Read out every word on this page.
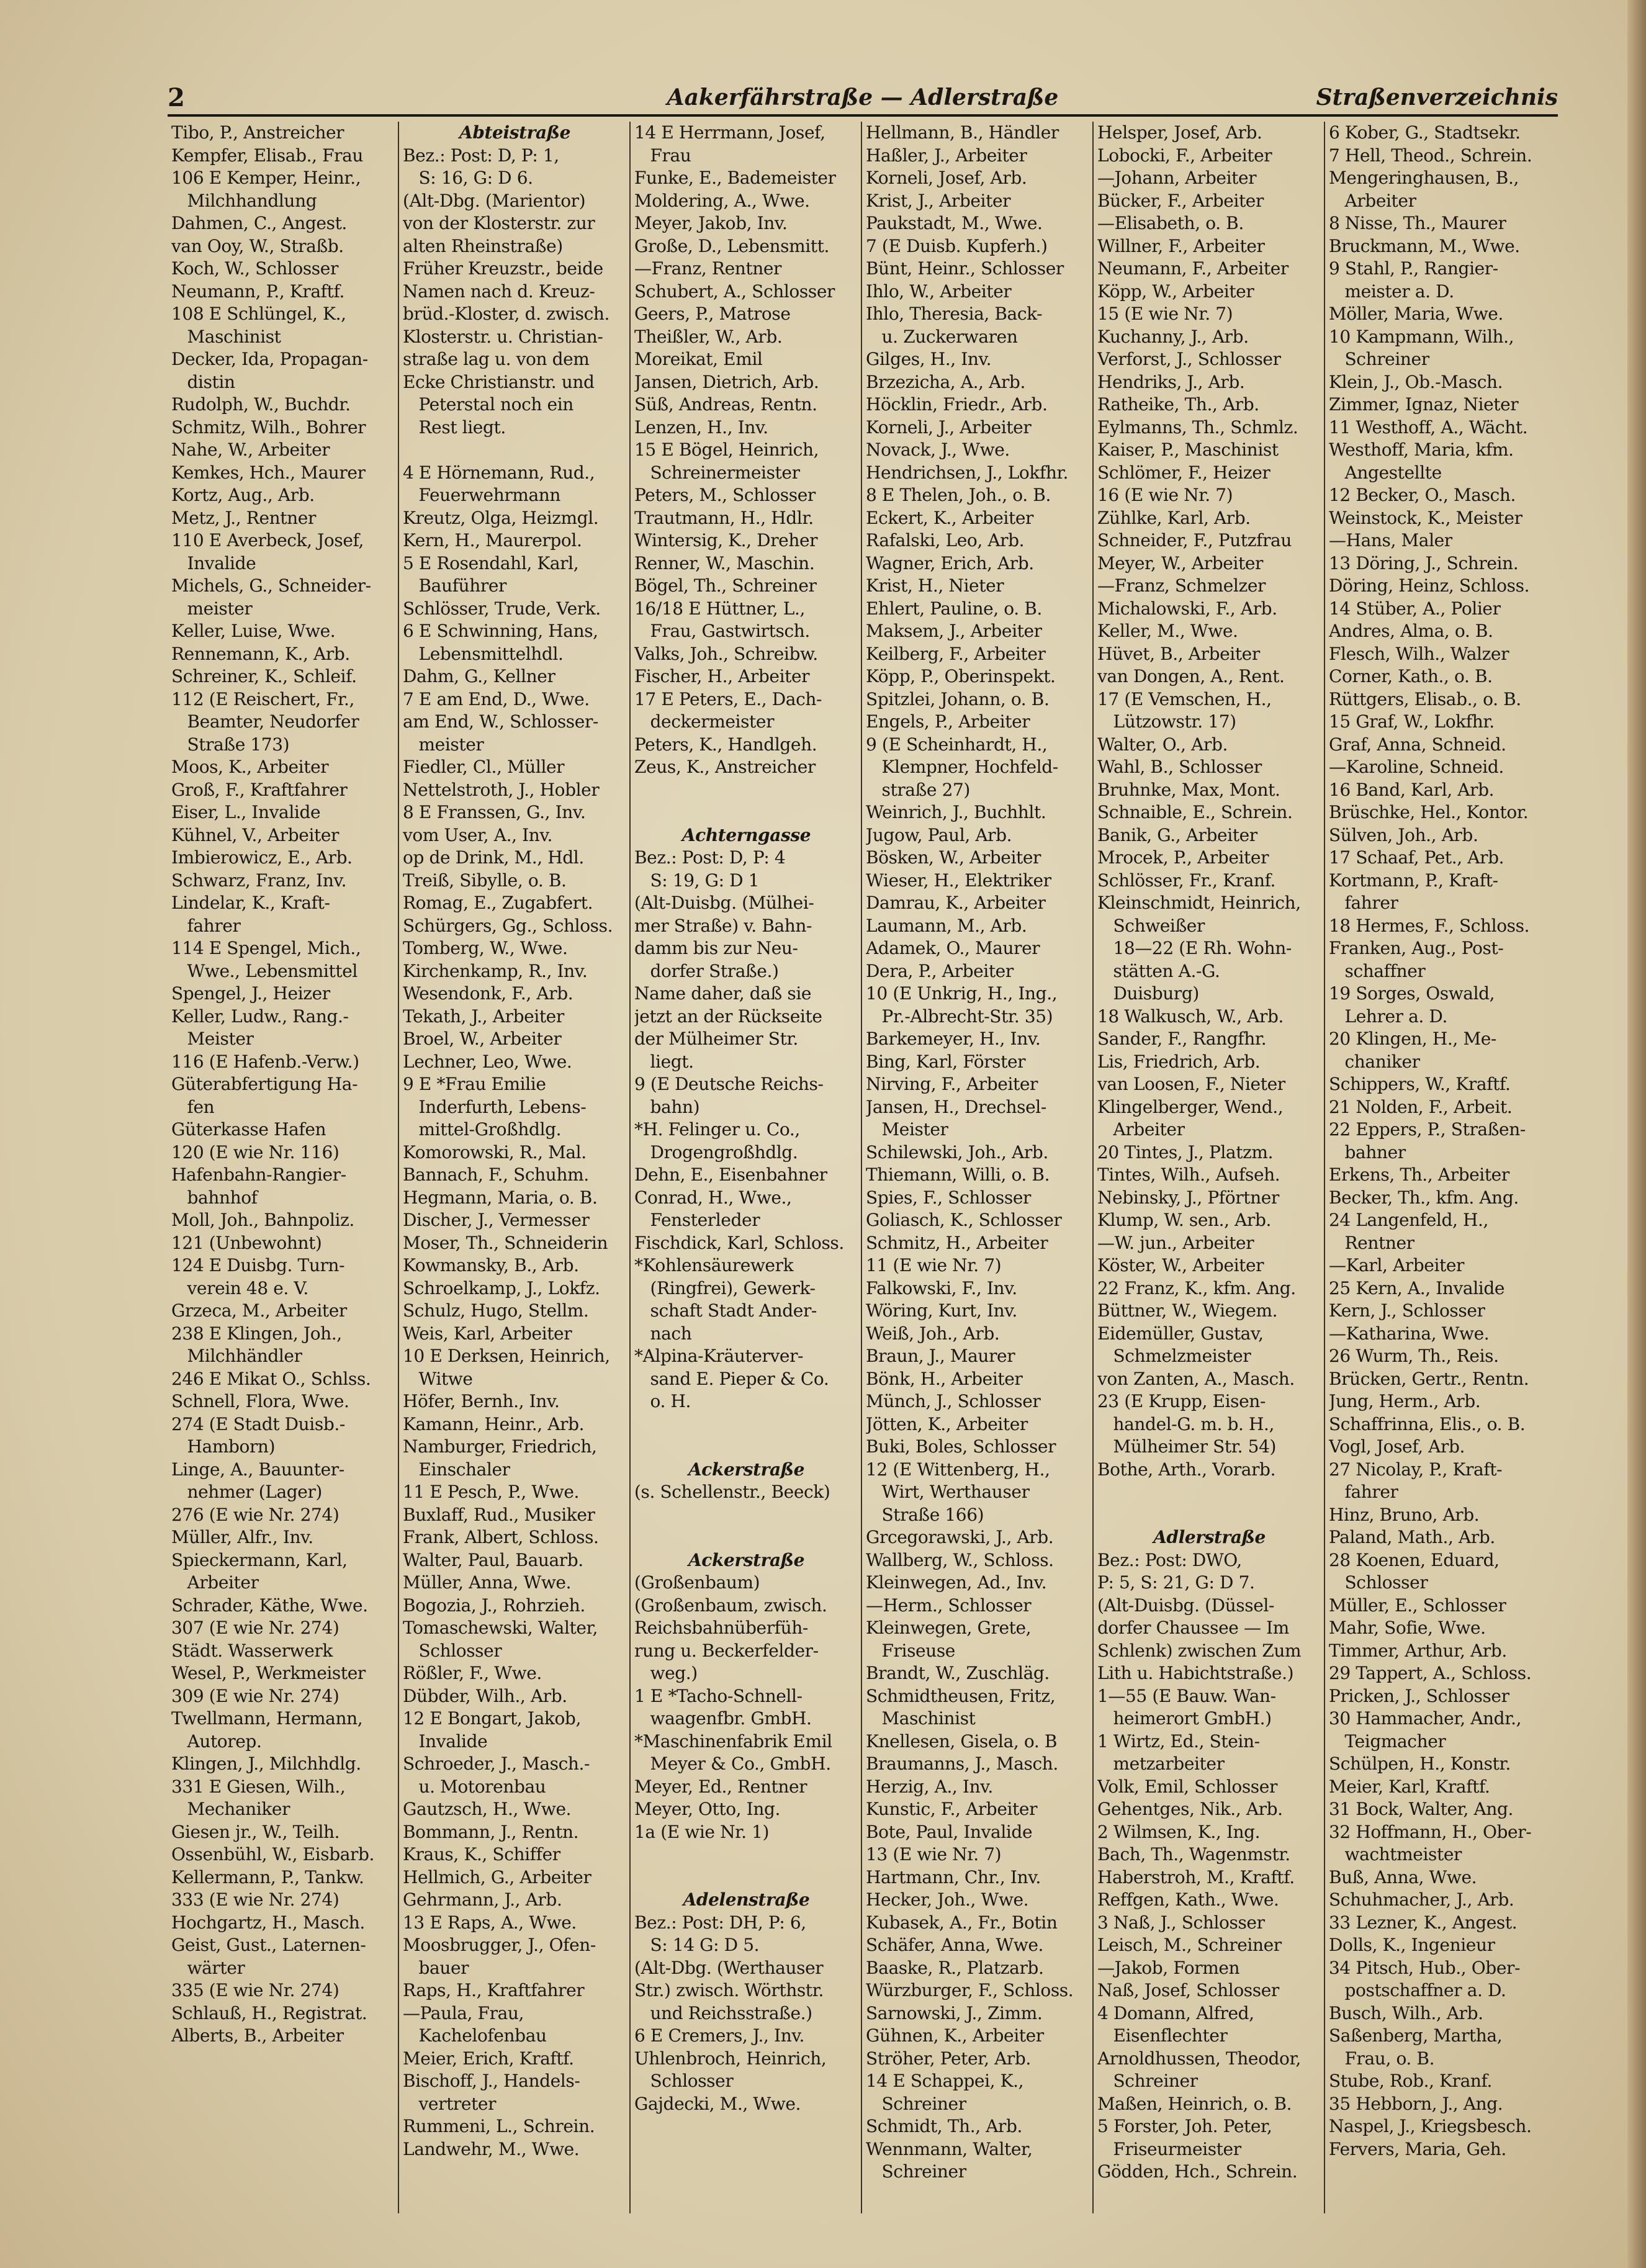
2	Aakerfährstraße — Adlerstraße	Straßenverzeichnis
Tibo, P., Anstreicher
Kempfer, Elisab., Frau
106 E Kemper, Heinr.,
Milchhandlung
Dahmen, C., Angest.
van Ooy, W., Straßb.
Koch, W., Schlosser
Neumann, P., Kraftf.
108 E Schlüngel, K.,
Maschinist
Decker, Ida, Propagan-
distin
Rudolph, W., Buchdr.
Schmitz, Wilh., Bohrer
Nahe, W., Arbeiter
Kemkes, Hch., Maurer
Kortz, Aug., Arb.
Metz, J., Rentner
110 E Averbeck, Josef,
Invalide
Michels, G., Schneider-
meister
Keller, Luise, Wwe.
Rennemann, K., Arb.
Schreiner, K., Schleif.
112 (E Reischert, Fr.,
Beamter, Neudorfer
Straße 173)
Moos, K., Arbeiter
Groß, F., Kraftfahrer
Eiser, L., Invalide
Kühnel, V., Arbeiter
Imbierowicz, E., Arb.
Schwarz, Franz, Inv.
Lindelar, K., Kraft-
fahrer
114 E Spengel, Mich.,
Wwe., Lebensmittel
Spengel, J., Heizer
Keller, Ludw., Rang.-
Meister
116 (E Hafenb.-Verw.)
Güterabfertigung Ha-
fen
Güterkasse Hafen
120 (E wie Nr. 116)
Hafenbahn-Rangier-
bahnhof
Moll, Joh., Bahnpoliz.
121 (Unbewohnt)
124 E Duisbg. Turn-
verein 48 e. V.
Grzeca, M., Arbeiter
238 E Klingen, Joh.,
Milchhändler
246 E Mikat O., Schlss.
Schnell, Flora, Wwe.
274 (E Stadt Duisb.-
Hamborn)
Linge, A., Bauunter-
nehmer (Lager)
276 (E wie Nr. 274)
Müller, Alfr., Inv.
Spieckermann, Karl,
Arbeiter
Schrader, Käthe, Wwe.
307 (E wie Nr. 274)
Städt. Wasserwerk
Wesel, P., Werkmeister
309 (E wie Nr. 274)
Twellmann, Hermann,
Autorep.
Klingen, J., Milchhdlg.
331 E Giesen, Wilh.,
Mechaniker
Giesen jr., W., Teilh.
Ossenbühl, W., Eisbarb.
Kellermann, P., Tankw.
333 (E wie Nr. 274)
Hochgartz, H., Masch.
Geist, Gust., Laternen-
wärter
335 (E wie Nr. 274)
Schlauß, H., Registrat.
Alberts, B., Arbeiter
Abteistraße
Bez.: Post: D, P: 1,
S: 16, G: D 6.
(Alt-Dbg. (Marientor)
von der Klosterstr. zur
alten Rheinstraße)
Früher Kreuzstr., beide
Namen nach d. Kreuz-
brüd.-Kloster, d. zwisch.
Klosterstr. u. Christian-
straße lag u. von dem
Ecke Christianstr. und
Peterstal noch ein
Rest liegt.
4 E Hörnemann, Rud.,
Feuerwehrmann
Kreutz, Olga, Heizmgl.
Kern, H., Maurerpol.
5 E Rosendahl, Karl,
Bauführer
Schlösser, Trude, Verk.
6 E Schwinning, Hans,
Lebensmittelhdl.
Dahm, G., Kellner
7 E am End, D., Wwe.
am End, W., Schlosser-
meister
Fiedler, Cl., Müller
Nettelstroth, J., Hobler
8 E Franssen, G., Inv.
vom User, A., Inv.
op de Drink, M., Hdl.
Treiß, Sibylle, o. B.
Romag, E., Zugabfert.
Schürgers, Gg., Schloss.
Tomberg, W., Wwe.
Kirchenkamp, R., Inv.
Wesendonk, F., Arb.
Tekath, J., Arbeiter
Broel, W., Arbeiter
Lechner, Leo, Wwe.
9 E *Frau Emilie
Inderfurth, Lebens-
mittel-Großhdlg.
Komorowski, R., Mal.
Bannach, F., Schuhm.
Hegmann, Maria, o. B.
Discher, J., Vermesser
Moser, Th., Schneiderin
Kowmansky, B., Arb.
Schroelkamp, J., Lokfz.
Schulz, Hugo, Stellm.
Weis, Karl, Arbeiter
10 E Derksen, Heinrich,
Witwe
Höfer, Bernh., Inv.
Kamann, Heinr., Arb.
Namburger, Friedrich,
Einschaler
11 E Pesch, P., Wwe.
Buxlaff, Rud., Musiker
Frank, Albert, Schloss.
Walter, Paul, Bauarb.
Müller, Anna, Wwe.
Bogozia, J., Rohrzieh.
Tomaschewski, Walter,
Schlosser
Rößler, F., Wwe.
Dübder, Wilh., Arb.
12 E Bongart, Jakob,
Invalide
Schroeder, J., Masch.-
u. Motorenbau
Gautzsch, H., Wwe.
Bommann, J., Rentn.
Kraus, K., Schiffer
Hellmich, G., Arbeiter
Gehrmann, J., Arb.
13 E Raps, A., Wwe.
Moosbrugger, J., Ofen-
bauer
Raps, H., Kraftfahrer
—Paula, Frau,
Kachelofenbau
Meier, Erich, Kraftf.
Bischoff, J., Handels-
vertreter
Rummeni, L., Schrein.
Landwehr, M., Wwe.
14 E Herrmann, Josef,
Frau
Funke, E., Bademeister
Moldering, A., Wwe.
Meyer, Jakob, Inv.
Große, D., Lebensmitt.
—Franz, Rentner
Schubert, A., Schlosser
Geers, P., Matrose
Theißler, W., Arb.
Moreikat, Emil
Jansen, Dietrich, Arb.
Süß, Andreas, Rentn.
Lenzen, H., Inv.
15 E Bögel, Heinrich,
Schreinermeister
Peters, M., Schlosser
Trautmann, H., Hdlr.
Wintersig, K., Dreher
Renner, W., Maschin.
Bögel, Th., Schreiner
16/18 E Hüttner, L.,
Frau, Gastwirtsch.
Valks, Joh., Schreibw.
Fischer, H., Arbeiter
17 E Peters, E., Dach-
deckermeister
Peters, K., Handlgeh.
Zeus, K., Anstreicher
Achterngasse
Bez.: Post: D, P: 4
S: 19, G: D 1
(Alt-Duisbg. (Mülhei-
mer Straße) v. Bahn-
damm bis zur Neu-
dorfer Straße.)
Name daher, daß sie
jetzt an der Rückseite
der Mülheimer Str.
liegt.
9 (E Deutsche Reichs-
bahn)
*H. Felinger u. Co.,
Drogengroßhdlg.
Dehn, E., Eisenbahner
Conrad, H., Wwe.,
Fensterleder
Fischdick, Karl, Schloss.
*Kohlensäurewerk
(Ringfrei), Gewerk-
schaft Stadt Ander-
nach
*Alpina-Kräuterver-
sand E. Pieper & Co.
o. H.
Ackerstraße
(s. Schellenstr., Beeck)
Ackerstraße
(Großenbaum)
(Großenbaum, zwisch.
Reichsbahnüberfüh-
rung u. Beckerfelder-
weg.)
1 E *Tacho-Schnell-
waagenfbr. GmbH.
*Maschinenfabrik Emil
Meyer & Co., GmbH.
Meyer, Ed., Rentner
Meyer, Otto, Ing.
1a (E wie Nr. 1)
Adelenstraße
Bez.: Post: DH, P: 6,
S: 14 G: D 5.
(Alt-Dbg. (Werthauser
Str.) zwisch. Wörthstr.
und Reichsstraße.)
6 E Cremers, J., Inv.
Uhlenbroch, Heinrich,
Schlosser
Gajdecki, M., Wwe.
Hellmann, B., Händler
Haßler, J., Arbeiter
Korneli, Josef, Arb.
Krist, J., Arbeiter
Paukstadt, M., Wwe.
7 (E Duisb. Kupferh.)
Bünt, Heinr., Schlosser
Ihlo, W., Arbeiter
Ihlo, Theresia, Back-
u. Zuckerwaren
Gilges, H., Inv.
Brzezicha, A., Arb.
Höcklin, Friedr., Arb.
Korneli, J., Arbeiter
Novack, J., Wwe.
Hendrichsen, J., Lokfhr.
8 E Thelen, Joh., o. B.
Eckert, K., Arbeiter
Rafalski, Leo, Arb.
Wagner, Erich, Arb.
Krist, H., Nieter
Ehlert, Pauline, o. B.
Maksem, J., Arbeiter
Keilberg, F., Arbeiter
Köpp, P., Oberinspekt.
Spitzlei, Johann, o. B.
Engels, P., Arbeiter
9 (E Scheinhardt, H.,
Klempner, Hochfeld-
straße 27)
Weinrich, J., Buchhlt.
Jugow, Paul, Arb.
Bösken, W., Arbeiter
Wieser, H., Elektriker
Damrau, K., Arbeiter
Laumann, M., Arb.
Adamek, O., Maurer
Dera, P., Arbeiter
10 (E Unkrig, H., Ing.,
Pr.-Albrecht-Str. 35)
Barkemeyer, H., Inv.
Bing, Karl, Förster
Nirving, F., Arbeiter
Jansen, H., Drechsel-
Meister
Schilewski, Joh., Arb.
Thiemann, Willi, o. B.
Spies, F., Schlosser
Goliasch, K., Schlosser
Schmitz, H., Arbeiter
11 (E wie Nr. 7)
Falkowski, F., Inv.
Wöring, Kurt, Inv.
Weiß, Joh., Arb.
Braun, J., Maurer
Bönk, H., Arbeiter
Münch, J., Schlosser
Jötten, K., Arbeiter
Buki, Boles, Schlosser
12 (E Wittenberg, H.,
Wirt, Werthauser
Straße 166)
Grcegorawski, J., Arb.
Wallberg, W., Schloss.
Kleinwegen, Ad., Inv.
—Herm., Schlosser
Kleinwegen, Grete,
Friseuse
Brandt, W., Zuschläg.
Schmidtheusen, Fritz,
Maschinist
Knellesen, Gisela, o. B
Braumanns, J., Masch.
Herzig, A., Inv.
Kunstic, F., Arbeiter
Bote, Paul, Invalide
13 (E wie Nr. 7)
Hartmann, Chr., Inv.
Hecker, Joh., Wwe.
Kubasek, A., Fr., Botin
Schäfer, Anna, Wwe.
Baaske, R., Platzarb.
Würzburger, F., Schloss.
Sarnowski, J., Zimm.
Gühnen, K., Arbeiter
Ströher, Peter, Arb.
14 E Schappei, K.,
Schreiner
Schmidt, Th., Arb.
Wennmann, Walter,
Schreiner
Helsper, Josef, Arb.
Lobocki, F., Arbeiter
—Johann, Arbeiter
Bücker, F., Arbeiter
—Elisabeth, o. B.
Willner, F., Arbeiter
Neumann, F., Arbeiter
Köpp, W., Arbeiter
15 (E wie Nr. 7)
Kuchanny, J., Arb.
Verforst, J., Schlosser
Hendriks, J., Arb.
Ratheike, Th., Arb.
Eylmanns, Th., Schmlz.
Kaiser, P., Maschinist
Schlömer, F., Heizer
16 (E wie Nr. 7)
Zühlke, Karl, Arb.
Schneider, F., Putzfrau
Meyer, W., Arbeiter
—Franz, Schmelzer
Michalowski, F., Arb.
Keller, M., Wwe.
Hüvet, B., Arbeiter
van Dongen, A., Rent.
17 (E Vemschen, H.,
Lützowstr. 17)
Walter, O., Arb.
Wahl, B., Schlosser
Bruhnke, Max, Mont.
Schnaible, E., Schrein.
Banik, G., Arbeiter
Mrocek, P., Arbeiter
Schlösser, Fr., Kranf.
Kleinschmidt, Heinrich,
Schweißer
18—22 (E Rh. Wohn-
stätten A.-G.
Duisburg)
18 Walkusch, W., Arb.
Sander, F., Rangfhr.
Lis, Friedrich, Arb.
van Loosen, F., Nieter
Klingelberger, Wend.,
Arbeiter
20 Tintes, J., Platzm.
Tintes, Wilh., Aufseh.
Nebinsky, J., Pförtner
Klump, W. sen., Arb.
—W. jun., Arbeiter
Köster, W., Arbeiter
22 Franz, K., kfm. Ang.
Büttner, W., Wiegem.
Eidemüller, Gustav,
Schmelzmeister
von Zanten, A., Masch.
23 (E Krupp, Eisen-
handel-G. m. b. H.,
Mülheimer Str. 54)
Bothe, Arth., Vorarb.
Adlerstraße
Bez.: Post: DWO,
P: 5, S: 21, G: D 7.
(Alt-Duisbg. (Düssel-
dorfer Chaussee — Im
Schlenk) zwischen Zum
Lith u. Habichtstraße.)
1—55 (E Bauw. Wan-
heimerort GmbH.)
1 Wirtz, Ed., Stein-
metzarbeiter
Volk, Emil, Schlosser
Gehentges, Nik., Arb.
2 Wilmsen, K., Ing.
Bach, Th., Wagenmstr.
Haberstroh, M., Kraftf.
Reffgen, Kath., Wwe.
3 Naß, J., Schlosser
Leisch, M., Schreiner
—Jakob, Formen
Naß, Josef, Schlosser
4 Domann, Alfred,
Eisenflechter
Arnoldhussen, Theodor,
Schreiner
Maßen, Heinrich, o. B.
5 Forster, Joh. Peter,
Friseurmeister
Gödden, Hch., Schrein.
6 Kober, G., Stadtsekr.
7 Hell, Theod., Schrein.
Mengeringhausen, B.,
Arbeiter
8 Nisse, Th., Maurer
Bruckmann, M., Wwe.
9 Stahl, P., Rangier-
meister a. D.
Möller, Maria, Wwe.
10 Kampmann, Wilh.,
Schreiner
Klein, J., Ob.-Masch.
Zimmer, Ignaz, Nieter
11 Westhoff, A., Wächt.
Westhoff, Maria, kfm.
Angestellte
12 Becker, O., Masch.
Weinstock, K., Meister
—Hans, Maler
13 Döring, J., Schrein.
Döring, Heinz, Schloss.
14 Stüber, A., Polier
Andres, Alma, o. B.
Flesch, Wilh., Walzer
Corner, Kath., o. B.
Rüttgers, Elisab., o. B.
15 Graf, W., Lokfhr.
Graf, Anna, Schneid.
—Karoline, Schneid.
16 Band, Karl, Arb.
Brüschke, Hel., Kontor.
Sülven, Joh., Arb.
17 Schaaf, Pet., Arb.
Kortmann, P., Kraft-
fahrer
18 Hermes, F., Schloss.
Franken, Aug., Post-
schaffner
19 Sorges, Oswald,
Lehrer a. D.
20 Klingen, H., Me-
chaniker
Schippers, W., Kraftf.
21 Nolden, F., Arbeit.
22 Eppers, P., Straßen-
bahner
Erkens, Th., Arbeiter
Becker, Th., kfm. Ang.
24 Langenfeld, H.,
Rentner
—Karl, Arbeiter
25 Kern, A., Invalide
Kern, J., Schlosser
—Katharina, Wwe.
26 Wurm, Th., Reis.
Brücken, Gertr., Rentn.
Jung, Herm., Arb.
Schaffrinna, Elis., o. B.
Vogl, Josef, Arb.
27 Nicolay, P., Kraft-
fahrer
Hinz, Bruno, Arb.
Paland, Math., Arb.
28 Koenen, Eduard,
Schlosser
Müller, E., Schlosser
Mahr, Sofie, Wwe.
Timmer, Arthur, Arb.
29 Tappert, A., Schloss.
Pricken, J., Schlosser
30 Hammacher, Andr.,
Teigmacher
Schülpen, H., Konstr.
Meier, Karl, Kraftf.
31 Bock, Walter, Ang.
32 Hoffmann, H., Ober-
wachtmeister
Buß, Anna, Wwe.
Schuhmacher, J., Arb.
33 Lezner, K., Angest.
Dolls, K., Ingenieur
34 Pitsch, Hub., Ober-
postschaffner a. D.
Busch, Wilh., Arb.
Saßenberg, Martha,
Frau, o. B.
Stube, Rob., Kranf.
35 Hebborn, J., Ang.
Naspel, J., Kriegsbesch.
Fervers, Maria, Geh.
